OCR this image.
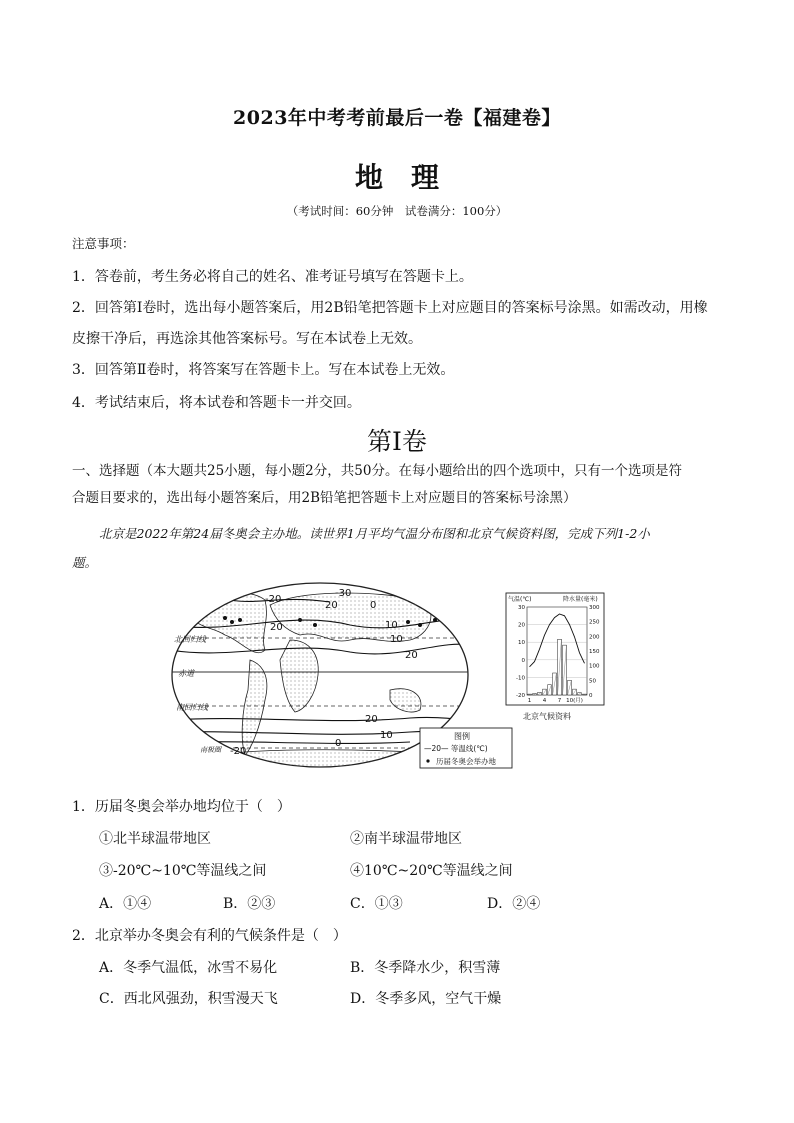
2023年中考考前最后一卷【福建卷】
地理
（考试时间：60分钟　试卷满分：100分）
注意事项：
1．答卷前，考生务必将自己的姓名、准考证号填写在答题卡上。
2．回答第Ⅰ卷时，选出每小题答案后，用2B铅笔把答题卡上对应题目的答案标号涂黑。如需改动，用橡
皮擦干净后，再选涂其他答案标号。写在本试卷上无效。
3．回答第Ⅱ卷时，将答案写在答题卡上。写在本试卷上无效。
4．考试结束后，将本试卷和答题卡一并交回。
第Ⅰ卷
一、选择题（本大题共25小题，每小题2分，共50分。在每小题给出的四个选项中，只有一个选项是符
合题目要求的，选出每小题答案后，用2B铅笔把答题卡上对应题目的答案标号涂黑）
北京是2022年第24届冬奥会主办地。读世界1月平均气温分布图和北京气候资料图，完成下列1-2小
题。
北回归线
赤道
南回归线
南极圈
-30
-20
0
10
20
20
10
20
20
10
0
-20
图例
—20— 等温线(℃)
历届冬奥会举办地
气温(℃)	降水量(毫米)
30
20
10
0
-10
-20
300
250
200
150
100
50
0
1 4 7 10(月)
北京气候资料
1．历届冬奥会举办地均位于（　）
①北半球温带地区	②南半球温带地区
③-20℃~10℃等温线之间	④10℃~20℃等温线之间
A．①④	B．②③	C．①③	D．②④
2．北京举办冬奥会有利的气候条件是（　）
A．冬季气温低，冰雪不易化	B．冬季降水少，积雪薄
C．西北风强劲，积雪漫天飞	D．冬季多风，空气干燥
